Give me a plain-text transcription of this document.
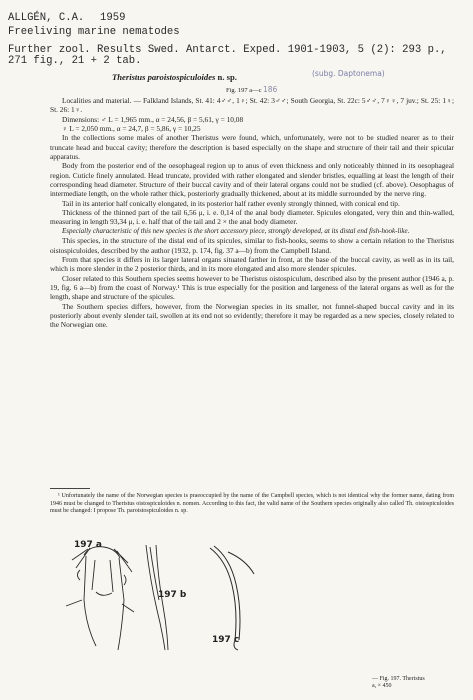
ALLGÉN, C.A. 1959
Freeliving marine nematodes
Further zool. Results Swed. Antarct. Exped. 1901-1903, 5 (2): 293 p.,
271 fig., 21 + 2 tab.
Theristus paroistospiculoides n. sp.	(subg. Daptonema)
Fig. 197 a—c 186

Localities and material. — Falkland Islands, St. 41: 4♂♂, 1♀; St. 42: 3♂♂; South Georgia, St. 22c: 5♂♂, 7♀♀, 7 juv.; St. 25: 1♀; St. 26: 1♀.

Dimensions: ♂ L = 1,965 mm., α = 24,56, β = 5,61, γ = 10,08

♀ L = 2,050 mm., α = 24,7, β = 5,86, γ = 10,25

In the collections some males of another Theristus were found, which, unfortunately, were not to be studied nearer as to their truncate head and buccal cavity; therefore the description is based especially on the shape and structure of their tail and their spicular apparatus.

Body from the posterior end of the oesophageal region up to anus of even thickness and only noticeably thinned in its oesophageal region. Cuticle finely annulated. Head truncate, provided with rather elongated and slender bristles, equalling at least the length of their corresponding head diameter. Structure of their buccal cavity and of their lateral organs could not be studied (cf. above). Oesophagus of intermediate length, on the whole rather thick, posteriorly gradually thickened, about at its middle surrounded by the nerve ring.

Tail in its anterior half conically elongated, in its posterior half rather evenly strongly thinned, with conical end tip.

Thickness of the thinned part of the tail 6,56 μ, i. e. 0,14 of the anal body diameter. Spicules elongated, very thin and thin-walled, measuring in length 93,34 μ, i. e. half that of the tail and 2 × the anal body diameter.

Especially characteristic of this new species is the short accessory piece, strongly developed, at its distal end fish-hook-like.

This species, in the structure of the distal end of its spicules, similar to fish-hooks, seems to show a certain relation to the Theristus oistospiculoides, described by the author (1932, p. 174, fig. 37 a—b) from the Campbell Island.

From that species it differs in its larger lateral organs situated farther in front, at the base of the buccal cavity, as well as in its tail, which is more slender in the 2 posterior thirds, and in its more elongated and also more slender spicules.

Closer related to this Southern species seems however to be Theristus oistospiculum, described also by the present author (1946 a, p. 19, fig. 6 a—b) from the coast of Norway.¹ This is true especially for the position and largeness of the lateral organs as well as for the length, shape and structure of the spicules.

The Southern species differs, however, from the Norwegian species in its smaller, not funnel-shaped buccal cavity and in its posteriorly about evenly slender tail, swollen at its end not so evidently; therefore it may be regarded as a new species, closely related to the Norwegian one.

¹ Unfortunately the name of the Norwegian species is praeoccupied by the name of the Campbell species, which is not identical why the former name, dating from 1946 must be changed to Theristus oistospiculoides n. nomen. According to this fact, the valid name of the Southern species originally also called Th. oistospiculoides must be changed: I propose Th. paroistospiculoides n. sp.

197 a
197 b
197 c
— Fig. 197. Theristus
a, × 450
